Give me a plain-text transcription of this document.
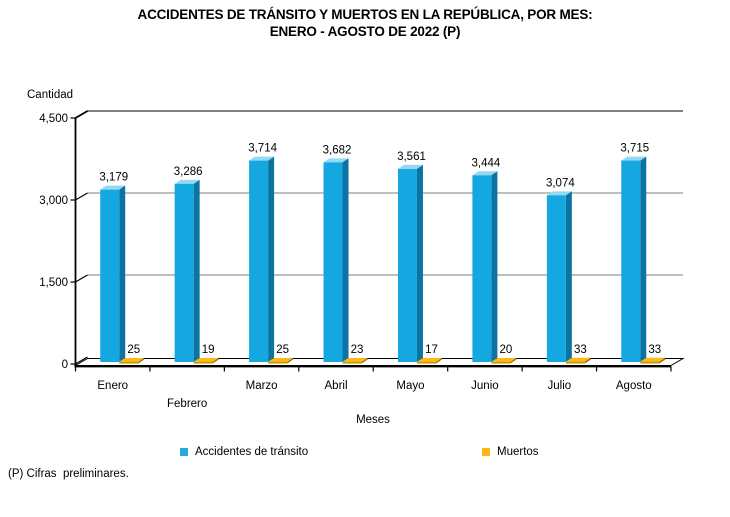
ACCIDENTES DE TRÁNSITO Y MUERTOS EN LA REPÚBLICA, POR MES:
ENERO - AGOSTO DE 2022 (P)
Cantidad
0
1,500
3,000
4,500
3,179
25
Enero
3,286
19
Febrero
3,714
25
Marzo
3,682
23
Abril
3,561
17
Mayo
3,444
20
Junio
3,074
33
Julio
3,715
33
Agosto
Meses
Accidentes de tránsito	Muertos
(P) Cifras  preliminares.
